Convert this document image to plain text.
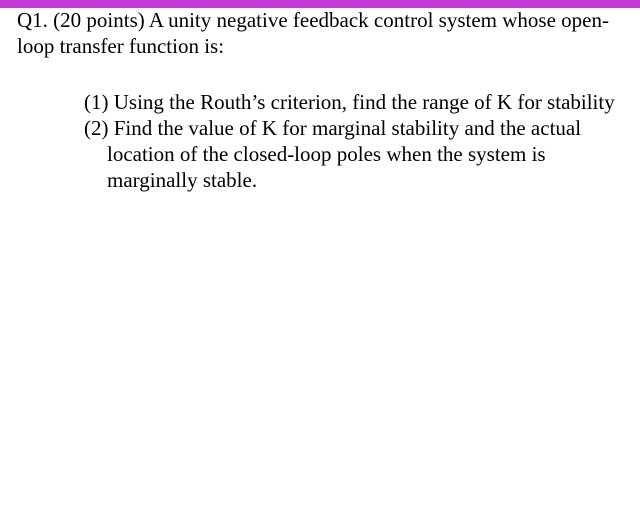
Q1. (20 points) A unity negative feedback control system whose open-loop transfer function is:

(1) Using the Routh’s criterion, find the range of K for stability
(2) Find the value of K for marginal stability and the actual location of the closed-loop poles when the system is marginally stable.
